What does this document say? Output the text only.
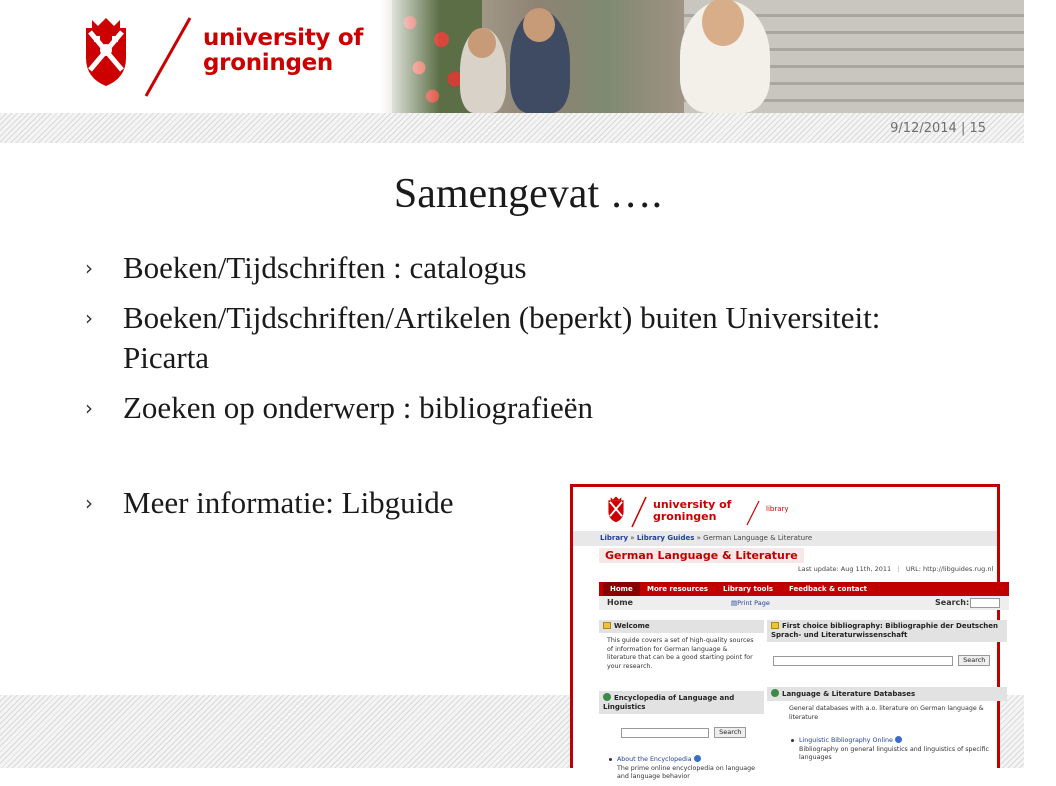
university of
groningen
9/12/2014 | 15
Samengevat ….
› Boeken/Tijdschriften : catalogus
› Boeken/Tijdschriften/Artikelen (beperkt) buiten Universiteit: Picarta
› Zoeken op onderwerp : bibliografieën
› Meer informatie: Libguide	university of
groningen
library
Library » Library Guides » German Language & Literature
German Language & Literature
Last update: Aug 11th, 2011  ⋮  URL: http://libguides.rug.nl
Home	More resources Library tools Feedback & contact
Home	▤Print Page	Search:
Welcome
This guide covers a set of high-quality sources of information for German language & literature that can be a good starting point for your research.
Encyclopedia of Language and Linguistics
Search
About the Encyclopedia
The prime online encyclopedia on language and language behavior
First choice bibliography: Bibliographie der Deutschen Sprach- und Literaturwissenschaft
Search
Language & Literature Databases
General databases with a.o. literature on German language & literature
Linguistic Bibliography Online
Bibliography on general linguistics and linguistics of specific languages
